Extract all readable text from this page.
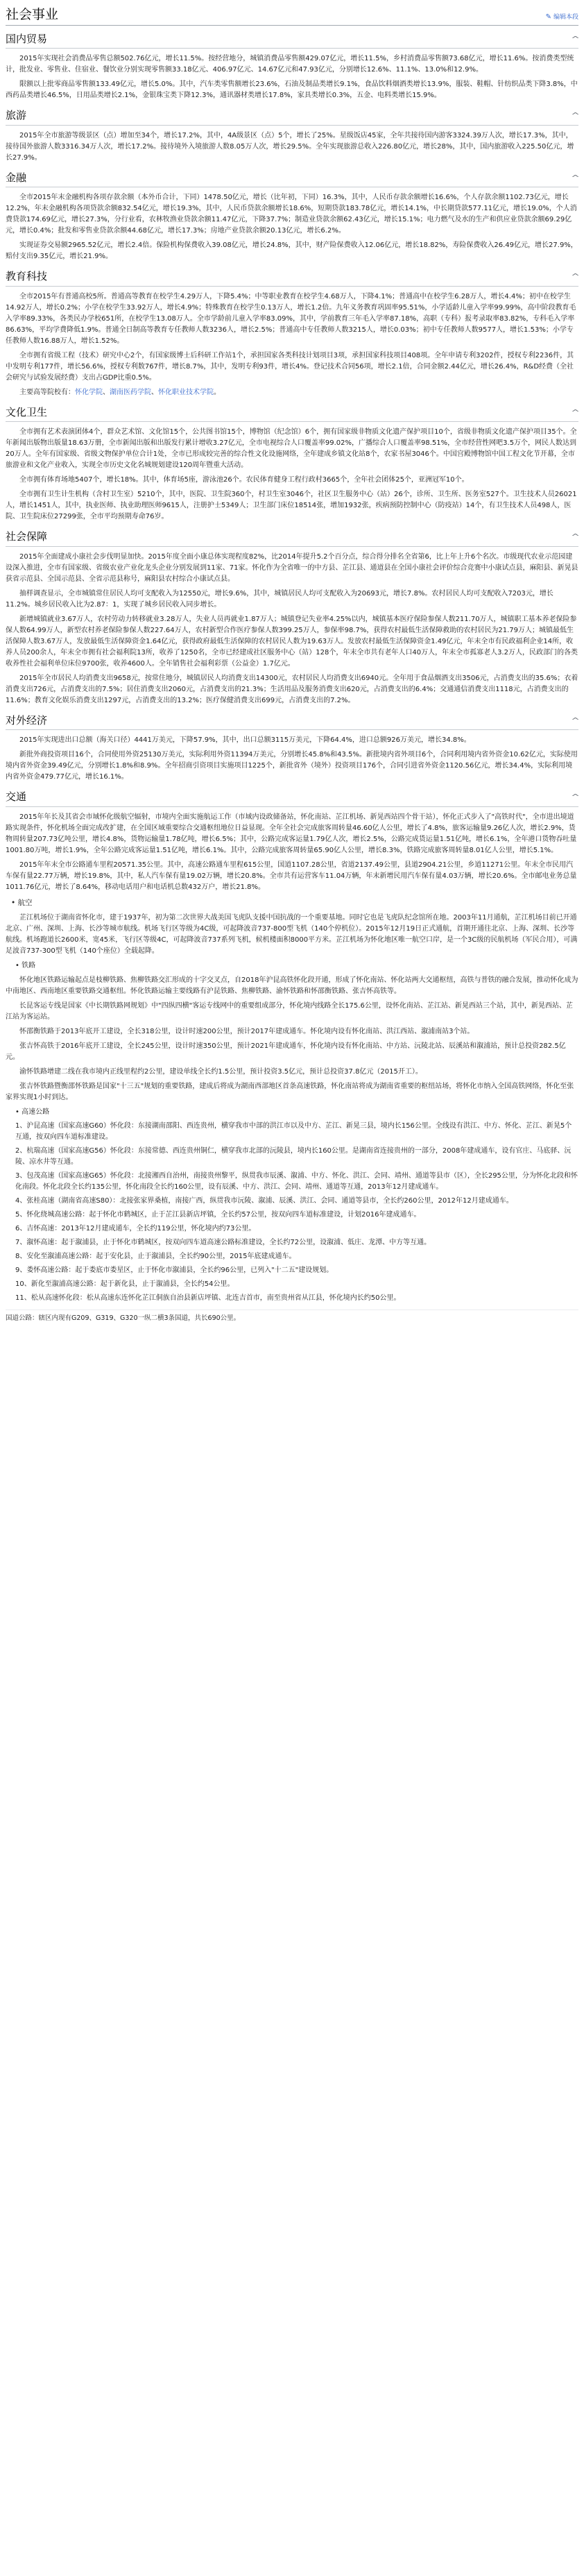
社会事业	✎ 编辑本段
国内贸易	^

2015年实现社会消费品零售总额502.76亿元，增长11.5%。按经营地分，城镇消费品零售额429.07亿元，增长11.5%，乡村消费品零售额73.68亿元，增长11.6%。按消费类型统计，批发业、零售业、住宿业、餐饮业分别实现零售额33.18亿元、406.97亿元、14.67亿元和47.93亿元，分别增长12.6%、11.1%、13.0%和12.9%。

限额以上批零商品零售额133.49亿元，增长5.0%。其中，汽车类零售额增长23.6%，石油及制品类增长9.1%，食品饮料烟酒类增长13.9%，服装、鞋帽、针纺织品类下降3.8%，中西药品类增长46.5%，日用品类增长2.1%，金银珠宝类下降12.3%，通讯器材类增长17.8%，家具类增长0.3%，五金、电料类增长15.9%。

旅游	^

2015年全市旅游等级景区（点）增加至34个，增长17.2%，其中，4A级景区（点）5个，增长了25%。星级饭店45家，全年共接待国内游客3324.39万人次，增长17.3%，其中，接待国外旅游人数3316.34万人次，增长17.2%。接待境外入境旅游人数8.05万人次，增长29.5%。全年实现旅游总收入226.80亿元，增长28%，其中，国内旅游收入225.50亿元，增长27.9%。

金融	^

全市2015年末金融机构各项存款余额（本外币合计，下同）1478.50亿元，增长（比年初，下同）16.3%，其中，人民币存款余额增长16.6%，个人存款余额1102.73亿元，增长12.2%，年末金融机构各项贷款余额832.54亿元，增长19.3%，其中，人民币贷款余额增长18.6%，短期贷款183.78亿元，增长14.1%，中长期贷款577.11亿元，增长19.0%，个人消费贷款174.69亿元，增长27.3%，分行业看，农林牧渔业贷款余额11.47亿元，下降37.7%；制造业贷款余额62.43亿元，增长15.1%；电力燃气及水的生产和供应业贷款余额69.29亿元，增长0.4%；批发和零售业贷款余额44.68亿元，增长17.3%；房地产业贷款余额20.13亿元，增长6.2%。

实现证券交易额2965.52亿元，增长2.4倍。保险机构保费收入39.08亿元，增长24.8%，其中，财产险保费收入12.06亿元，增长18.82%，寿险保费收入26.49亿元，增长27.9%，赔付支出9.35亿元，增长21.9%。

教育科技	^

全市2015年有普通高校5所。普通高等教育在校学生4.29万人，下降5.4%；中等职业教育在校学生4.68万人，下降4.1%；普通高中在校学生6.28万人，增长4.4%；初中在校学生14.92万人，增长0.2%；小学在校学生33.92万人，增长4.9%；特殊教育在校学生0.13万人，增长1.2倍。九年义务教育巩固率95.51%，小学适龄儿童入学率99.99%，高中阶段教育毛入学率89.33%，各类民办学校651所，在校学生13.08万人。全市学龄前儿童入学率83.09%，其中，学前教育三年毛入学率87.18%，高职（专科）报考录取率83.82%，专科毛入学率86.63%，平均学费降低1.9%。普通全日制高等教育专任教师人数3236人，增长2.5%；普通高中专任教师人数3215人，增长0.03%；初中专任教师人数9577人，增长1.53%；小学专任教师人数16.88万人，增长1.52%。

全市拥有省级工程（技术）研究中心2个，有国家级博士后科研工作站1个，承担国家各类科技计划项目3项，承担国家科技项目408项。全年申请专利3202件，授权专利2236件，其中发明专利177件，增长56.6%，授权专利数767件，增长8.7%，其中，发明专利93件，增长4%。登记技术合同56项，增长2.1倍，合同金额2.44亿元，增长26.4%，R&D经费（全社会研究与试验发展经费）支出占GDP比重0.5%。

主要高等院校有：怀化学院、湖南医药学院、怀化职业技术学院。

文化卫生	^

全市拥有艺术表演团体4个，群众艺术馆、文化馆15个，公共图书馆15个，博物馆（纪念馆）6个，拥有国家级非物质文化遗产保护项目10个，省级非物质文化遗产保护项目35个。全年新闻出版物出版量18.63万册，全市新闻出版和出版发行累计增收3.27亿元，全市电视综合人口覆盖率99.02%，广播综合人口覆盖率98.51%，全市经营性网吧3.5万个，网民人数达到20万人。全年有国家级、省级文物保护单位合计1处，全市已形成较完善的综合性文化设施网络，全年建成乡镇文化站8个，农家书屋3046个。中国宫殿博物馆中国工程文化节开幕，全市旅游业和文化产业收入，实现全市历史文化名城规划建设120周年暨重大活动。

全市拥有体育场地5407个，增长18%。其中，体育场5座，游泳池26个。农民体育健身工程行政村3665个，全年社会团体25个，亚洲冠军10个。

全市拥有卫生计生机构（含村卫生室）5210个，其中，医院、卫生院360个，村卫生室3046个，社区卫生服务中心（站）26个，诊所、卫生所、医务室527个。卫生技术人员26021人，增长1451人，其中，执业医师、执业助理医师9615人，注册护士5349人；卫生部门床位18514张，增加1932张，疾病预防控制中心（防疫站）14个，有卫生技术人员498人，医院、卫生院床位27299张，全市平均预期寿命76岁。

社会保障	^

2015年全面建成小康社会步伐明显加快。2015年度全面小康总体实现程度82%，比2014年提升5.2个百分点，综合得分排名全省第6，比上年上升6个名次。市级现代农业示范园建设深入推进，全市有国家级、省级农业产业化龙头企业分别发展到11家、71家。怀化作为全省唯一的中方县、芷江县、通道县在全国小康社会评价综合竞赛中小康试点县，麻阳县、新晃县获省示范县、全国示范县、全省示范县称号，麻阳县农村综合小康试点县。

抽样调查显示，全市城镇常住居民人均可支配收入为12550元，增长9.6%，其中，城镇居民人均可支配收入为20693元，增长7.8%。农村居民人均可支配收入7203元，增长11.2%。城乡居民收入比为2.87：1，实现了城乡居民收入同步增长。

新增城镇就业3.67万人，农村劳动力转移就业3.28万人，失业人员再就业1.87万人；城镇登记失业率4.25%以内，城镇基本医疗保险参保人数211.70万人，城镇职工基本养老保险参保人数64.99万人，新型农村养老保险参保人数227.64万人，农村新型合作医疗参保人数399.25万人，参保率98.7%，获得农村最低生活保障救助的农村居民为21.79万人；城镇最低生活保障人数3.67万人，发放最低生活保障资金1.64亿元，获得政府最低生活保障的农村居民人数为19.63万人。发放农村最低生活保障资金1.49亿元，年末全市有民政福利企业14所，收养人员200余人，年末全市拥有社会福利院13所，收养了1250名，全市已经建成社区服务中心（站）128个，年末全市共有老年人口40万人，年末全市孤寡老人3.2万人，民政部门的各类收养性社会福利单位床位9700张，收养4600人。全年销售社会福利彩票（公益金）1.7亿元。

2015年全市居民人均消费支出9658元，按常住地分，城镇居民人均消费支出14300元，农村居民人均消费支出6940元。全年用于食品烟酒支出3506元，占消费支出的35.6%；衣着消费支出726元，占消费支出的7.5%；居住消费支出2060元，占消费支出的21.3%；生活用品及服务消费支出620元，占消费支出的6.4%；交通通信消费支出1118元，占消费支出的11.6%；教育文化娱乐消费支出1297元，占消费支出的13.2%；医疗保健消费支出699元，占消费支出的7.2%。

对外经济	^

2015年实现进出口总额（海关口径）4441万美元，下降57.9%，其中，出口总额3115万美元，下降64.4%，进口总额926万美元，增长34.8%。

新批外商投资项目16个，合同使用外资25130万美元，实际利用外资11394万美元，分别增长45.8%和43.5%。新批境内省外项目6个，合同利用境内省外资金10.62亿元，实际使用境内省外资金39.49亿元，分别增长1.8%和8.9%。全年招商引资项目实施项目1225个，新批省外（境外）投资项目176个，合同引进省外资金1120.56亿元，增长34.4%，实际利用境内省外资金479.77亿元，增长16.1%。

交通	^

2015年年长及其省会市域怀化级航空辐射，市境内全面实施航运工作（市域内设政储备站，怀化南站、芷江机场、新晃西站四个骨干站），怀化正式步入了"高铁时代"，全市进出境道路实现条件，怀化机场全面完成改扩建，在全国区域重要综合交通枢纽地位日益显现。全年全社会完成旅客周转量46.60亿人公里，增长了4.8%，旅客运输量9.26亿人次，增长2.9%，货物周转量207.73亿吨公里，增长4.8%，货物运输量1.78亿吨，增长6.5%；其中，公路完成客运量1.79亿人次，增长2.5%，公路完成货运量1.51亿吨，增长6.1%，全年港口货物吞吐量1001.80万吨，增长1.9%，全年公路完成客运量1.51亿吨，增长6.1%。其中，公路完成旅客周转量65.90亿人公里，增长8.3%，铁路完成旅客周转量8.01亿人公里，增长5.1%。

2015年年末全市公路通车里程20571.35公里。其中，高速公路通车里程615公里，国道1107.28公里，省道2137.49公里，县道2904.21公里，乡道11271公里。年末全市民用汽车保有量22.77万辆，增长19.8%，其中，私人汽车保有量19.02万辆，增长20.8%。全市共有运营客车11.04万辆，年末新增民用汽车保有量4.03万辆，增长20.6%。全市邮电业务总量1011.76亿元，增长了8.64%，移动电话用户和电话机总数432万户，增长21.8%。

• 航空

芷江机场位于湖南省怀化市，建于1937年，初为第二次世界大战美国飞虎队支援中国抗战的一个重要基地。同时它也是飞虎队纪念馆所在地。2003年11月通航，芷江机场目前已开通北京、广州、深圳、上海、长沙等城市航线。机场飞行区等级为4C级，可起降波音737-800型飞机（140个停机位）。2015年12月19日正式通航，首期开通往北京、上海、深圳、长沙等航线。机场跑道长2600米，宽45米，飞行区等级4C，可起降波音737系列飞机，候机楼面积8000平方米。芷江机场为怀化地区唯一航空口岸，是一个3C级的民航机场（军民合用），可满足波音737-300型飞机（140个座位）全载起降。

• 铁路

怀化地区铁路运输起点是枝柳铁路、焦柳铁路交汇形成的十字交叉点，自2018年沪昆高铁怀化段开通，形成了怀化南站、怀化站两大交通枢纽，高铁与普铁的融合发展，推动怀化成为中南地区、西南地区重要铁路交通枢纽。怀化铁路运输主要线路有沪昆铁路、焦柳铁路、渝怀铁路和怀邵衡铁路、张吉怀高铁等。

长昆客运专线是国家《中长期铁路网规划》中"四纵四横"客运专线网中的重要组成部分，怀化境内线路全长175.6公里，设怀化南站、芷江站、新晃西站三个站，其中，新晃西站、芷江站为客运站。

怀邵衡铁路于2013年底开工建设，全长318公里，设计时速200公里，预计2017年建成通车。怀化境内设有怀化南站、洪江西站、溆浦南站3个站。

张吉怀高铁于2016年底开工建设，全长245公里，设计时速350公里，预计2021年建成通车，怀化境内设有怀化南站、中方站、沅陵北站、辰溪站和溆浦站，预计总投资282.5亿元。

渝怀铁路增建二线在我市境内正线里程约2公里，建设单线全长约1.5公里，预计投资3.5亿元，预计总投资37.8亿元（2015开工）。

张吉怀铁路暨衡邵怀铁路是国家"十三五"规划的重要铁路，建成后将成为湖南西部地区首条高速铁路，怀化南站将成为湖南省重要的枢纽站场，将怀化市纳入全国高铁网络，怀化至张家界实现1小时到达。

• 高速公路

1、沪昆高速（国家高速G60）怀化段：东接湖南邵阳、西连贵州，横穿我市中部的洪江市以及中方、芷江、新晃三县，境内长156公里。全线设有洪江、中方、怀化、芷江、新晃5个互通，按双向四车道标准建设。

2、杭瑞高速（国家高速G56）怀化段：东接常德、西连贵州铜仁，横穿我市北部的沅陵县，境内长160公里。是湖南省连接贵州的一部分，2008年建成通车，设有官庄、马底驿、沅陵、凉水井等互通。

3、包茂高速（国家高速G65）怀化段：北接湘西自治州，南接贵州黎平，纵贯我市辰溪、溆浦、中方、怀化、洪江、会同、靖州、通道等县市（区），全长295公里，分为怀化北段和怀化南段。怀化北段全长约135公里，怀化南段全长约160公里，设有辰溪、中方、洪江、会同、靖州、通道等互通，2013年12月建成通车。

4、张桂高速（湖南省高速S80）：北接张家界桑植，南接广西，纵贯我市沅陵、溆浦、辰溪、洪江、会同、通道等县市，全长约260公里，2012年12月建成通车。

5、怀化绕城高速公路：起于怀化市鹤城区，止于芷江县新店坪镇，全长约57公里，按双向四车道标准建设，计划2016年建成通车。

6、吉怀高速：2013年12月建成通车，全长约119公里，怀化境内约73公里。

7、溆怀高速：起于溆浦县，止于怀化市鹤城区，按双向四车道高速公路标准建设，全长约72公里，设溆浦、低庄、龙潭、中方等互通。

8、安化至溆浦高速公路：起于安化县，止于溆浦县，全长约90公里，2015年底建成通车。

9、娄怀高速公路：起于娄底市娄星区，止于怀化市溆浦县，全长约96公里，已列入"十二五"建设规划。

10、新化至溆浦高速公路：起于新化县，止于溆浦县，全长约54公里。

11、松从高速怀化段：松从高速东连怀化芷江侗族自治县新店坪镇、北连吉首市，南至贵州省从江县，怀化境内长约50公里。

国道公路：辖区内现有G209、G319、G320一纵二横3条国道，共长690公里。
